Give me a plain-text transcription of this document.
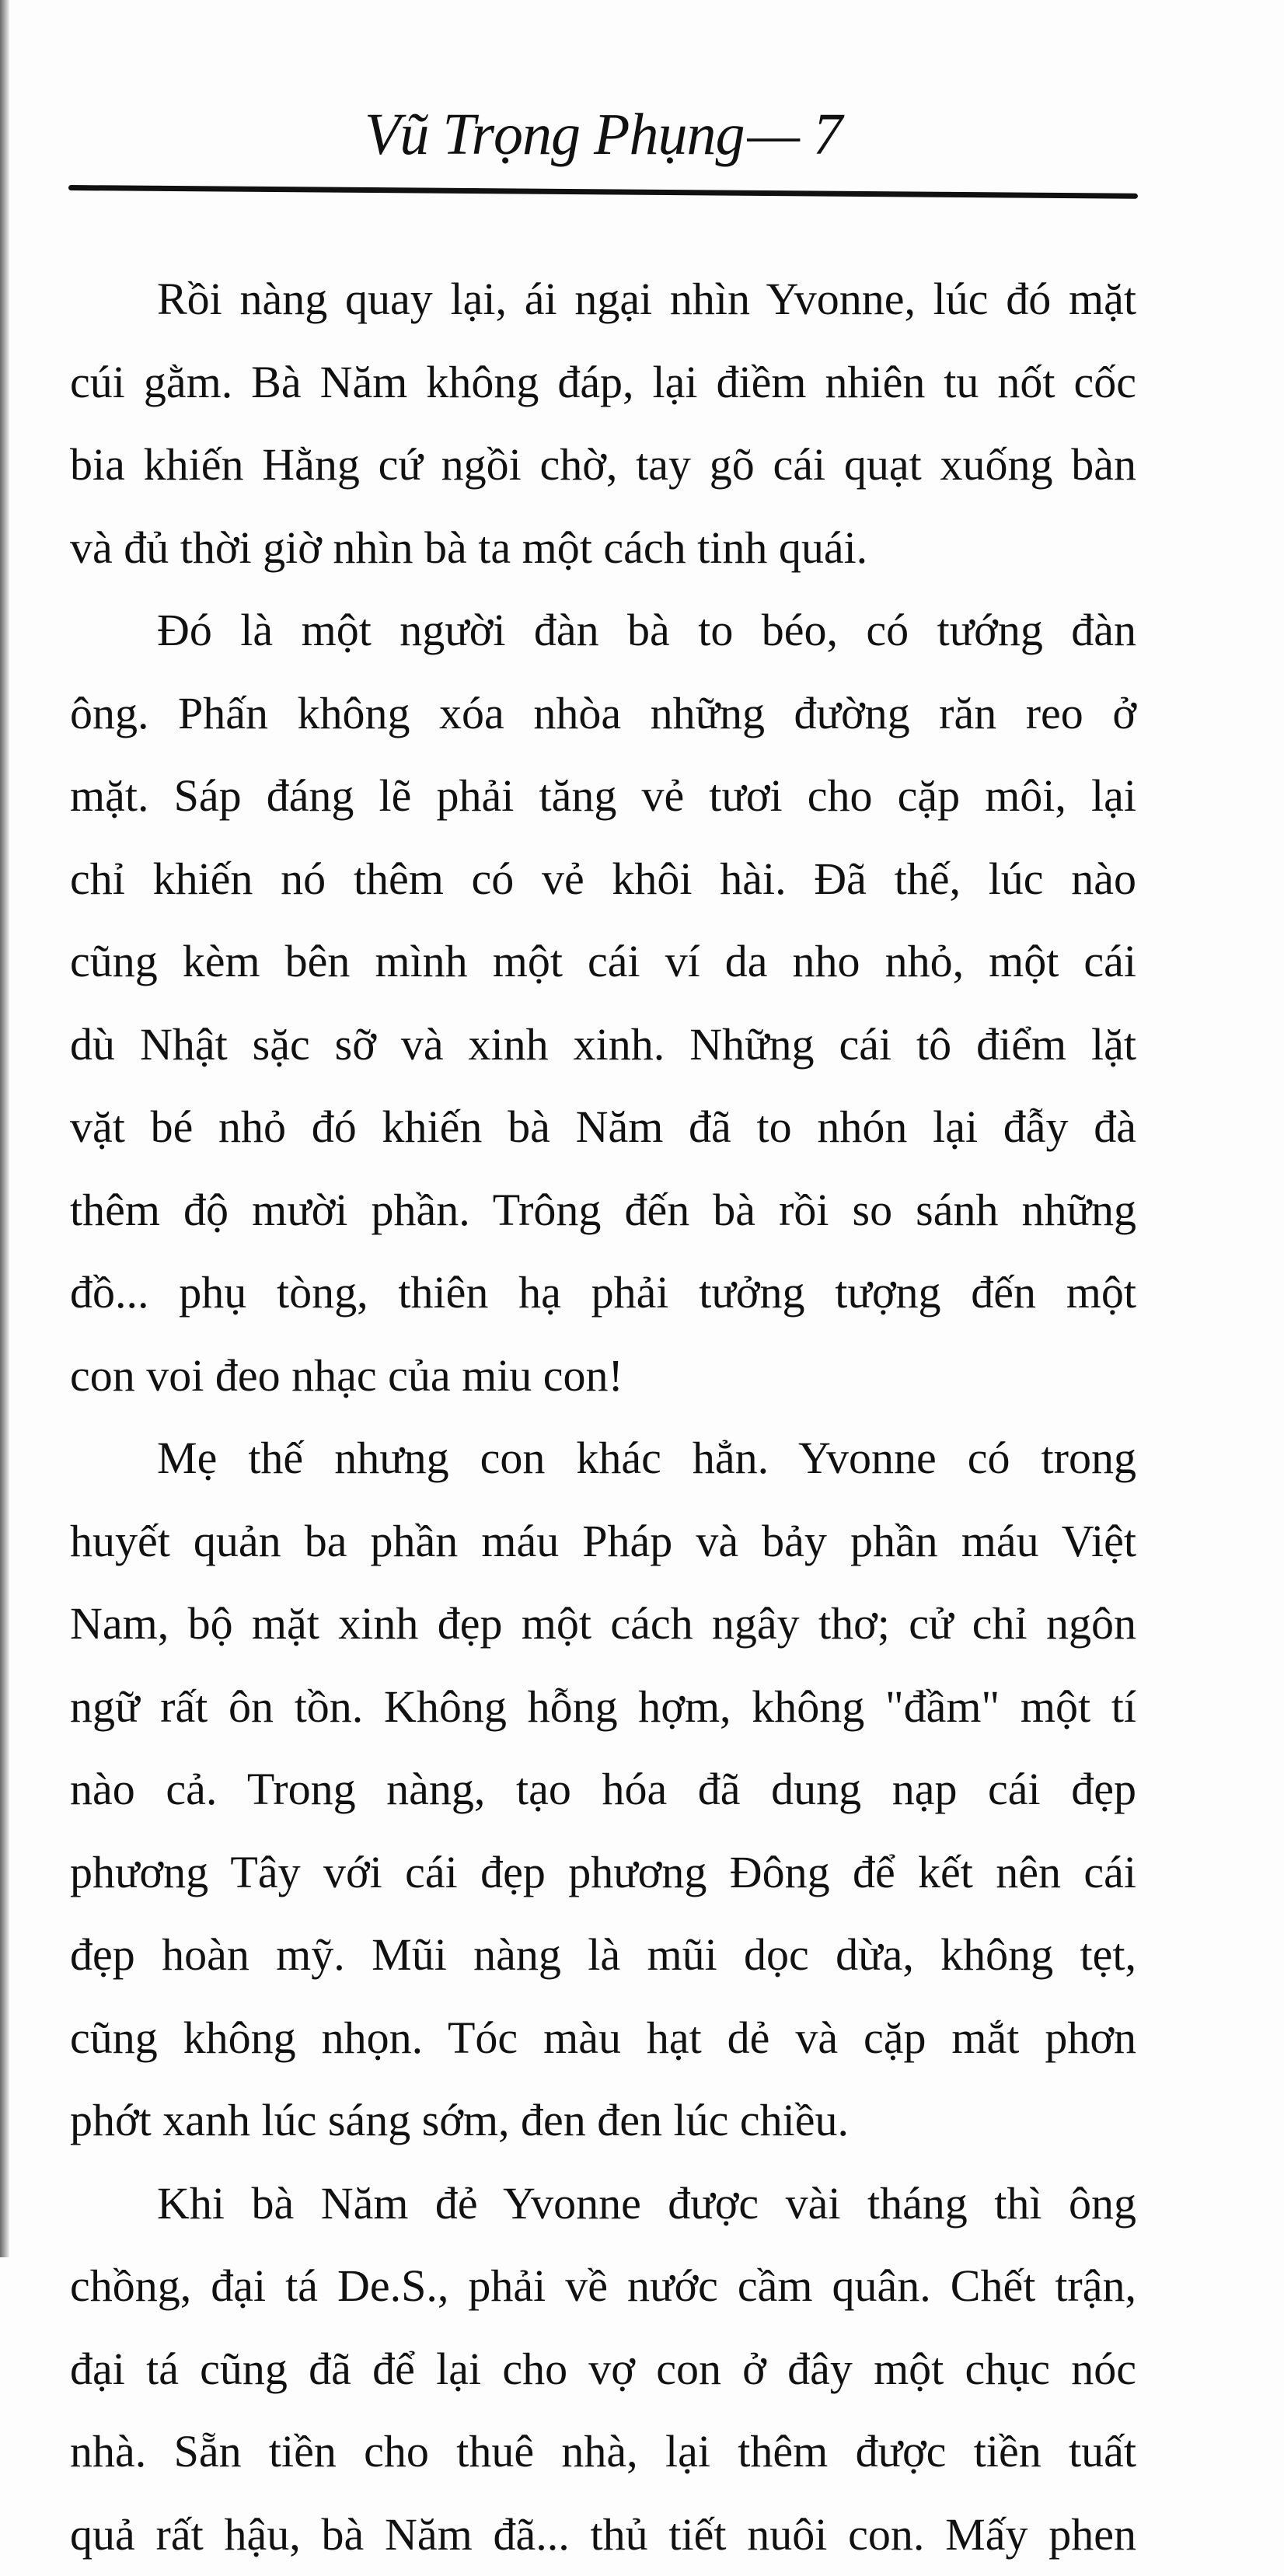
Vũ Trọng Phụng — 7
Rồi nàng quay lại, ái ngại nhìn Yvonne, lúc đó mặt
cúi gằm. Bà Năm không đáp, lại điềm nhiên tu nốt cốc
bia khiến Hằng cứ ngồi chờ, tay gõ cái quạt xuống bàn
và đủ thời giờ nhìn bà ta một cách tinh quái.
Đó là một người đàn bà to béo, có tướng đàn
ông. Phấn không xóa nhòa những đường răn reo ở
mặt. Sáp đáng lẽ phải tăng vẻ tươi cho cặp môi, lại
chỉ khiến nó thêm có vẻ khôi hài. Đã thế, lúc nào
cũng kèm bên mình một cái ví da nho nhỏ, một cái
dù Nhật sặc sỡ và xinh xinh. Những cái tô điểm lặt
vặt bé nhỏ đó khiến bà Năm đã to nhón lại đẫy đà
thêm độ mười phần. Trông đến bà rồi so sánh những
đồ... phụ tòng, thiên hạ phải tưởng tượng đến một
con voi đeo nhạc của miu con!
Mẹ thế nhưng con khác hẳn. Yvonne có trong
huyết quản ba phần máu Pháp và bảy phần máu Việt
Nam, bộ mặt xinh đẹp một cách ngây thơ; cử chỉ ngôn
ngữ rất ôn tồn. Không hỗng hợm, không "đầm" một tí
nào cả. Trong nàng, tạo hóa đã dung nạp cái đẹp
phương Tây với cái đẹp phương Đông để kết nên cái
đẹp hoàn mỹ. Mũi nàng là mũi dọc dừa, không tẹt,
cũng không nhọn. Tóc màu hạt dẻ và cặp mắt phơn
phớt xanh lúc sáng sớm, đen đen lúc chiều.
Khi bà Năm đẻ Yvonne được vài tháng thì ông
chồng, đại tá De.S., phải về nước cầm quân. Chết trận,
đại tá cũng đã để lại cho vợ con ở đây một chục nóc
nhà. Sẵn tiền cho thuê nhà, lại thêm được tiền tuất
quả rất hậu, bà Năm đã... thủ tiết nuôi con. Mấy phen
